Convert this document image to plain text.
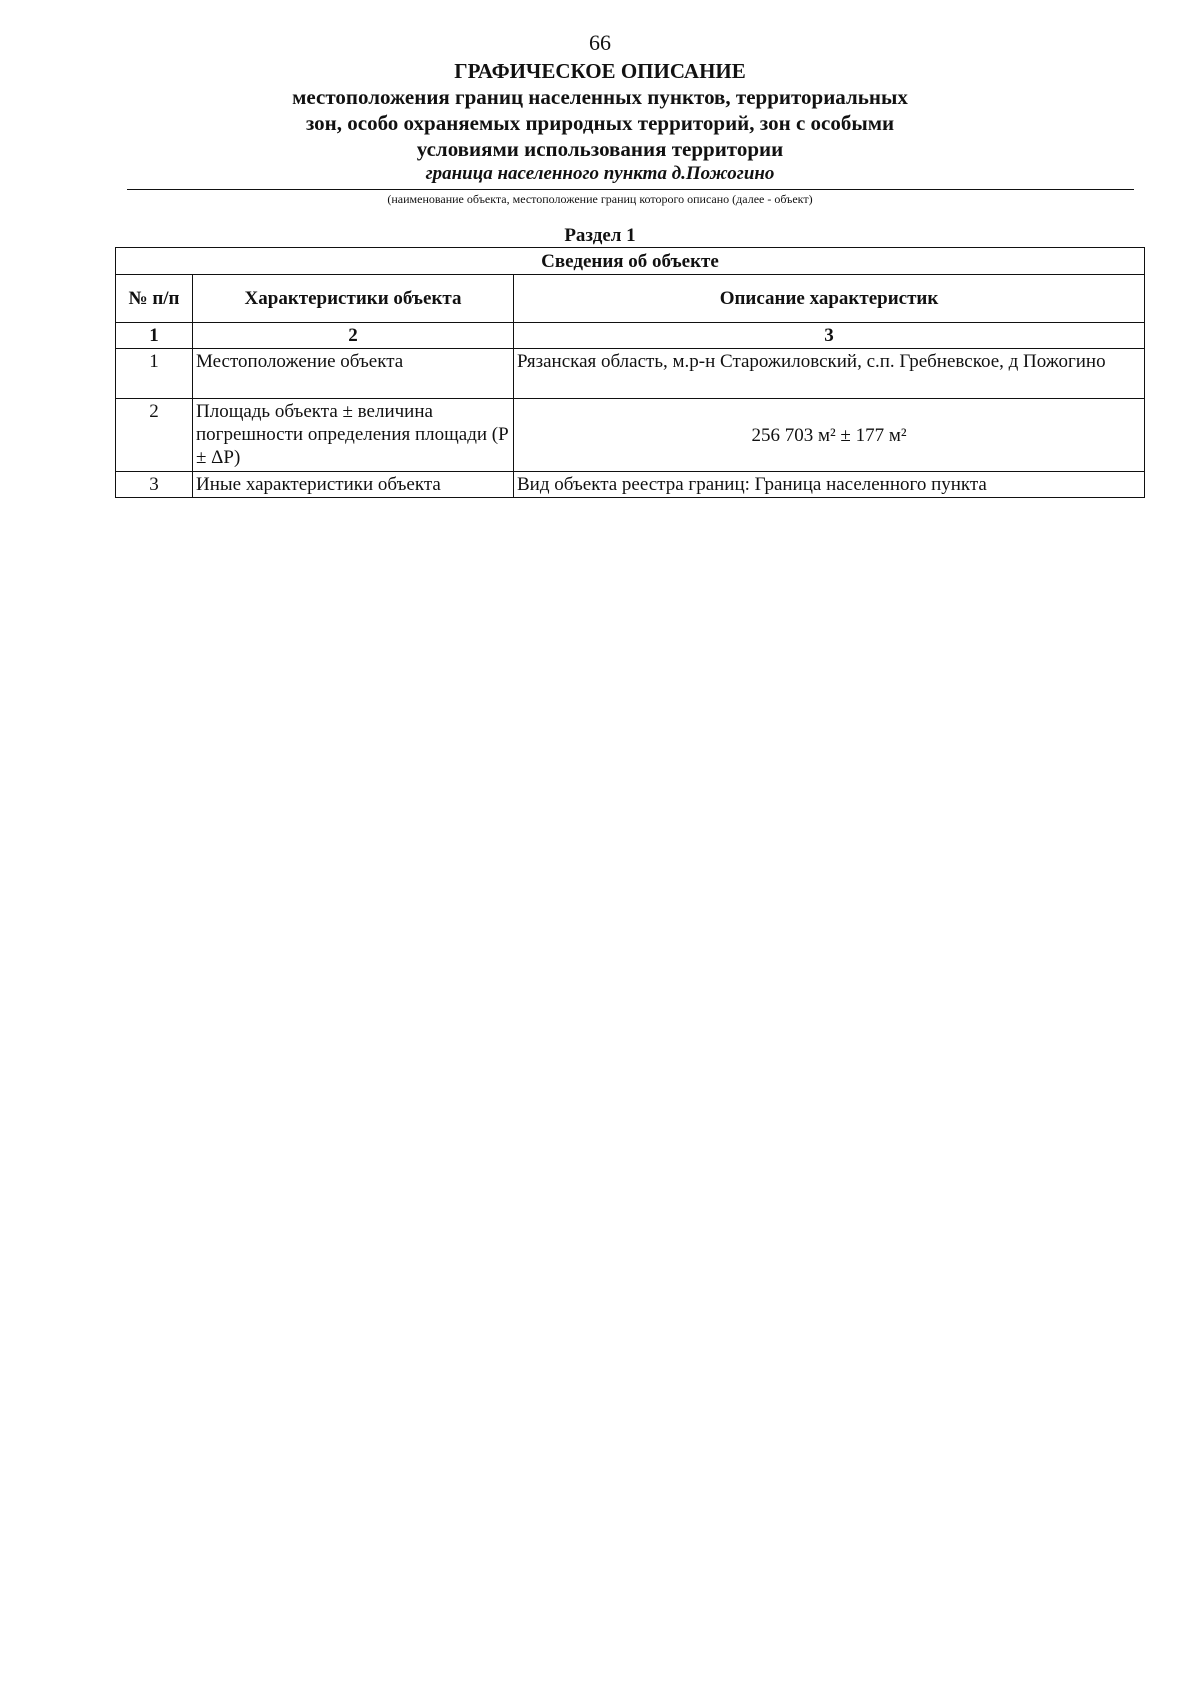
66
ГРАФИЧЕСКОЕ ОПИСАНИЕ
местоположения границ населенных пунктов, территориальных
зон, особо охраняемых природных территорий, зон с особыми
условиями использования территории
граница населенного пункта д.Пожогино
(наименование объекта, местоположение границ которого описано (далее - объект)
Раздел 1
Сведения об объекте		
№ п/п	Характеристики объекта	Описание характеристик
1	2	3
1	Местоположение объекта	Рязанская область, м.р-н Старожиловский, с.п. Гребневское, д Пожогино
2	Площадь объекта ± величина погрешности определения площади (Р ± ΔР)	256 703 м² ± 177 м²
3	Иные характеристики объекта	Вид объекта реестра границ: Граница населенного пункта
